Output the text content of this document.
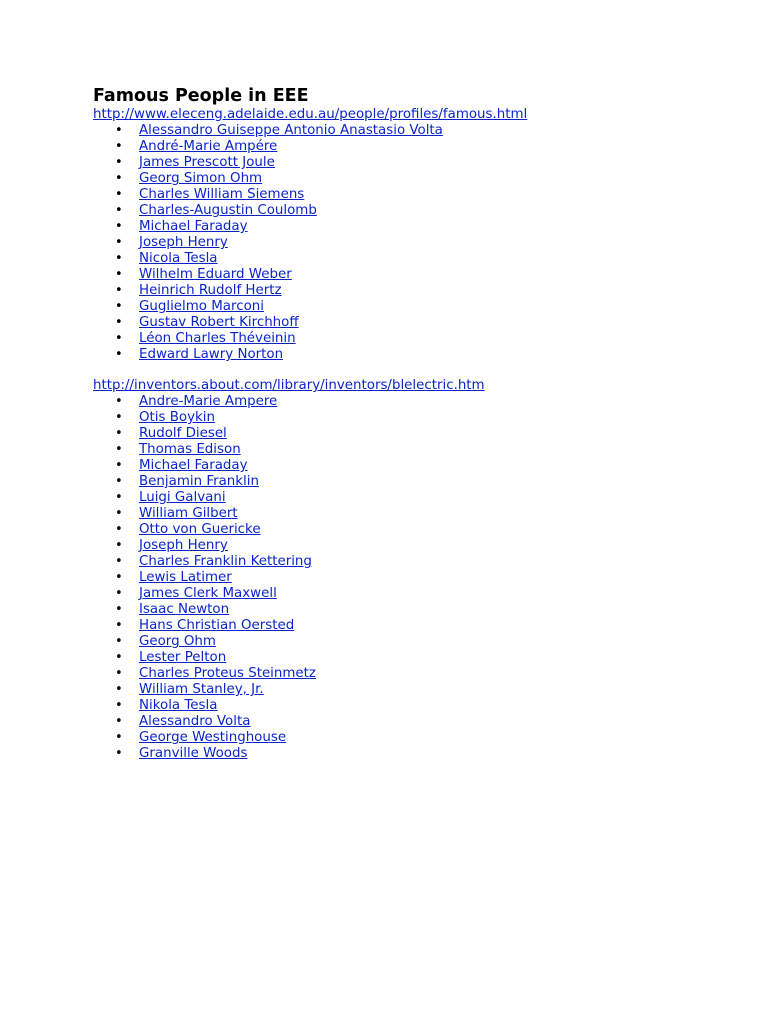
Famous People in EEE
http://www.eleceng.adelaide.edu.au/people/profiles/famous.html
• Alessandro Guiseppe Antonio Anastasio Volta
• André-Marie Ampére
• James Prescott Joule
• Georg Simon Ohm
• Charles William Siemens
• Charles-Augustin Coulomb
• Michael Faraday
• Joseph Henry
• Nicola Tesla
• Wilhelm Eduard Weber
• Heinrich Rudolf Hertz
• Guglielmo Marconi
• Gustav Robert Kirchhoff
• Léon Charles Théveinin
• Edward Lawry Norton
http://inventors.about.com/library/inventors/blelectric.htm
• Andre-Marie Ampere
• Otis Boykin
• Rudolf Diesel
• Thomas Edison
• Michael Faraday
• Benjamin Franklin
• Luigi Galvani
• William Gilbert
• Otto von Guericke
• Joseph Henry
• Charles Franklin Kettering
• Lewis Latimer
• James Clerk Maxwell
• Isaac Newton
• Hans Christian Oersted
• Georg Ohm
• Lester Pelton
• Charles Proteus Steinmetz
• William Stanley, Jr.
• Nikola Tesla
• Alessandro Volta
• George Westinghouse
• Granville Woods
